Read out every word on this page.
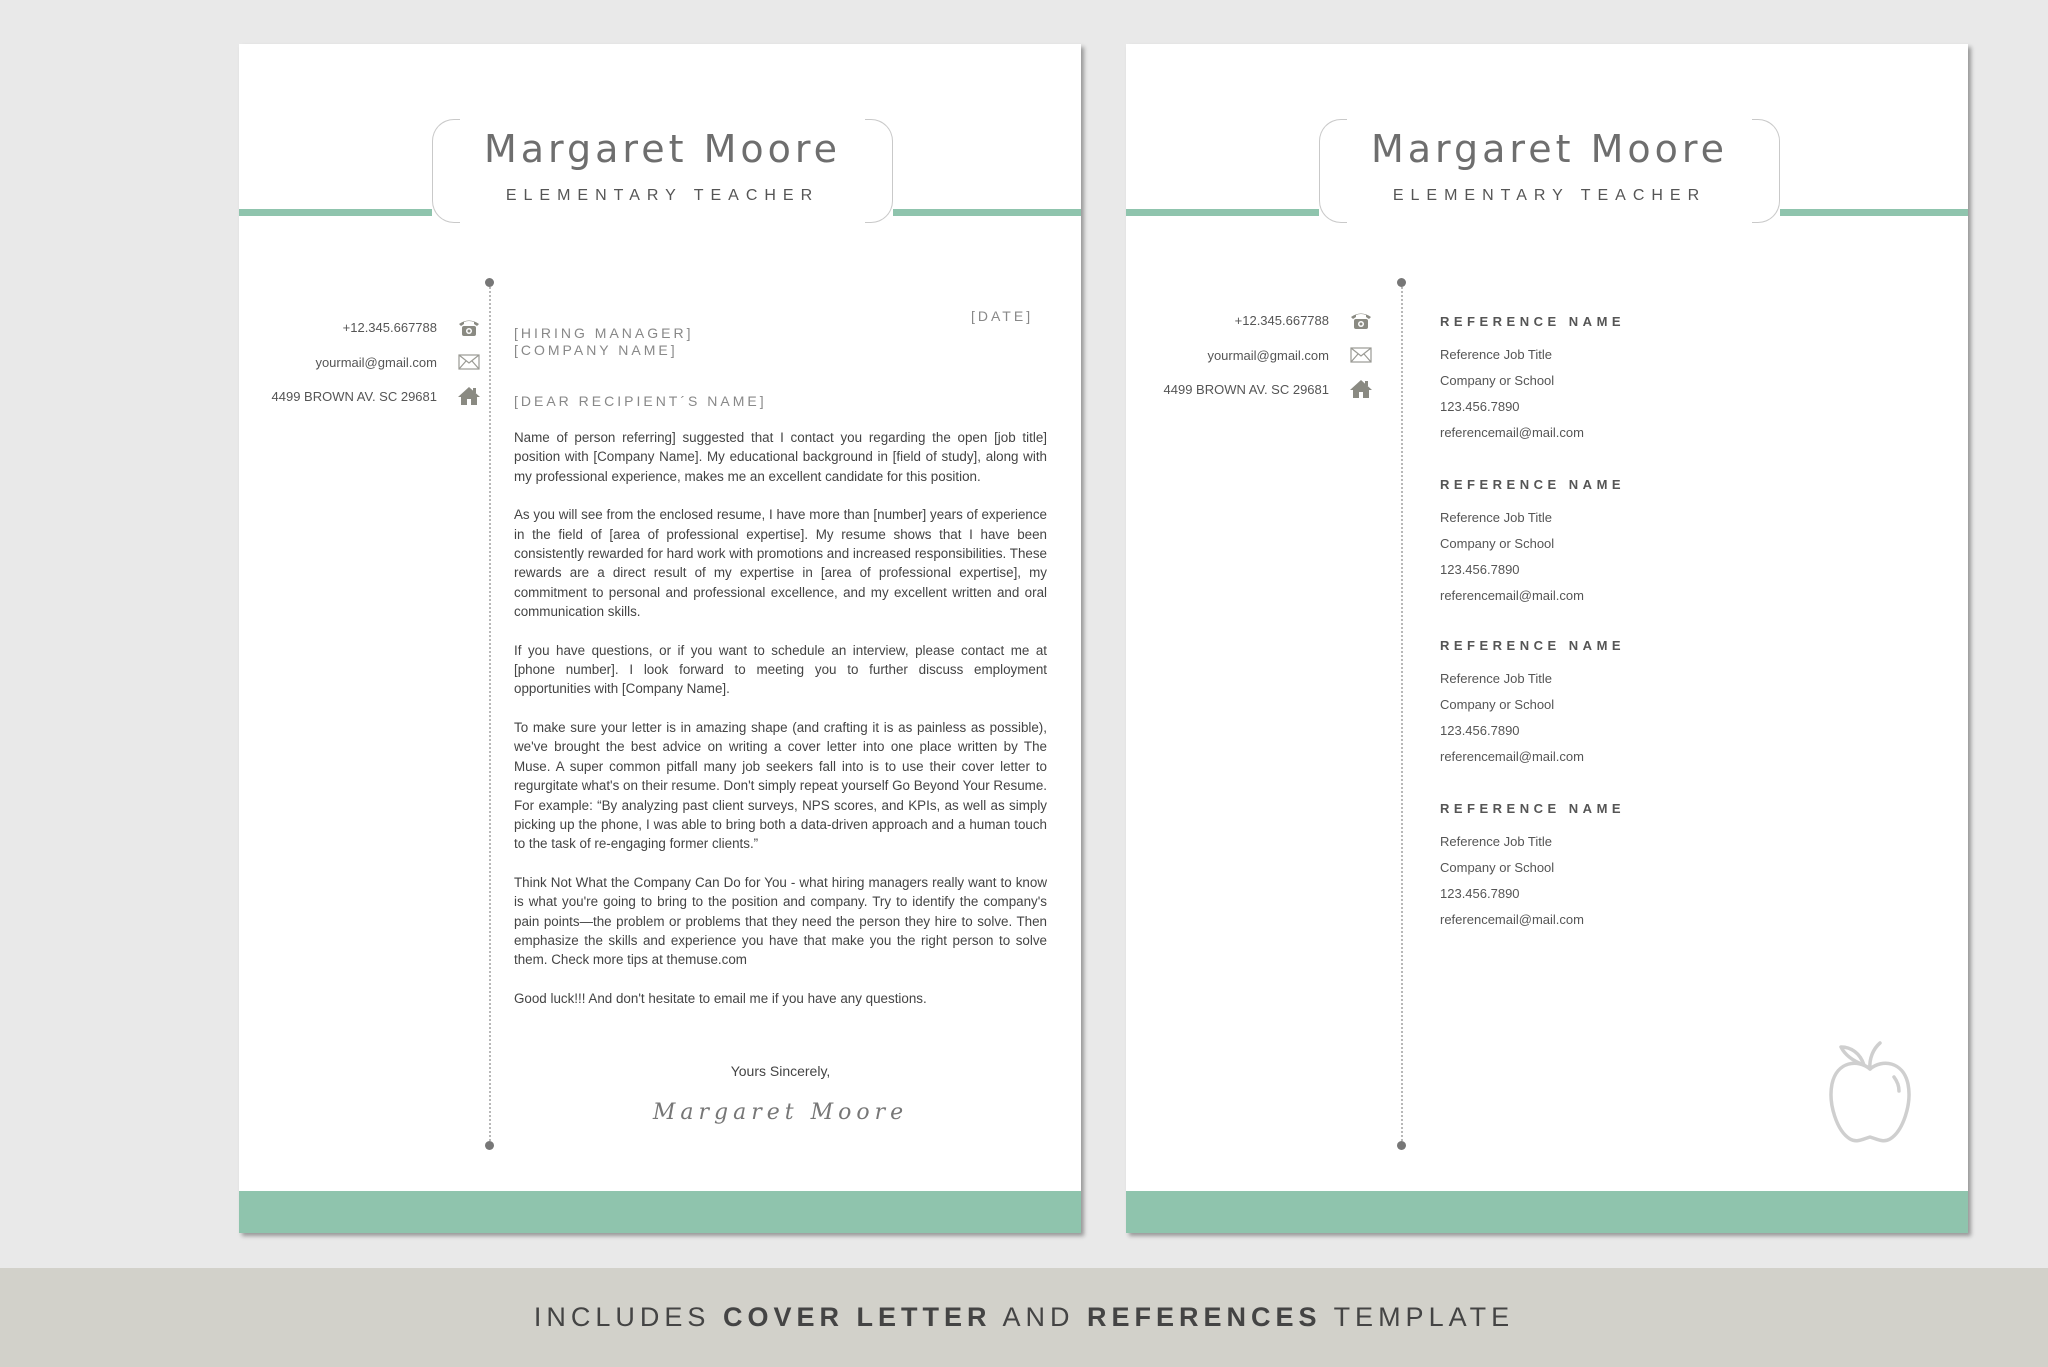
Margaret Moore
ELEMENTARY TEACHER
+12.345.667788
yourmail@gmail.com
4499 BROWN AV. SC 29681
[DATE]
[HIRING MANAGER]
[COMPANY NAME]
[DEAR RECIPIENT´S NAME]

Name of person referring] suggested that I contact you regarding the open [job title] position with [Company Name]. My educational background in [field of study], along with my professional experience, makes me an excellent candidate for this position.

As you will see from the enclosed resume, I have more than [number] years of experience in the field of [area of professional expertise]. My resume shows that I have been consistently rewarded for hard work with promotions and increased responsibilities. These rewards are a direct result of my expertise in [area of professional expertise], my commitment to personal and professional excellence, and my excellent written and oral communication skills.

If you have questions, or if you want to schedule an interview, please contact me at [phone number]. I look forward to meeting you to further discuss employment opportunities with [Company Name].

To make sure your letter is in amazing shape (and crafting it is as painless as possible), we've brought the best advice on writing a cover letter into one place written by The Muse. A super common pitfall many job seekers fall into is to use their cover letter to regurgitate what's on their resume. Don't simply repeat yourself Go Beyond Your Resume. For example: “By analyzing past client surveys, NPS scores, and KPIs, as well as simply picking up the phone, I was able to bring both a data-driven approach and a human touch to the task of re-engaging former clients.”

Think Not What the Company Can Do for You - what hiring managers really want to know is what you're going to bring to the position and company. Try to identify the company's pain points—the problem or problems that they need the person they hire to solve. Then emphasize the skills and experience you have that make you the right person to solve them. Check more tips at themuse.com

Good luck!!! And don't hesitate to email me if you have any questions.

Yours Sincerely,
Margaret Moore
Margaret Moore
ELEMENTARY TEACHER
+12.345.667788
yourmail@gmail.com
4499 BROWN AV. SC 29681
REFERENCE NAME
Reference Job Title
Company or School
123.456.7890
referencemail@mail.com
REFERENCE NAME
Reference Job Title
Company or School
123.456.7890
referencemail@mail.com
REFERENCE NAME
Reference Job Title
Company or School
123.456.7890
referencemail@mail.com
REFERENCE NAME
Reference Job Title
Company or School
123.456.7890
referencemail@mail.com
INCLUDES COVER LETTER AND REFERENCES TEMPLATE
